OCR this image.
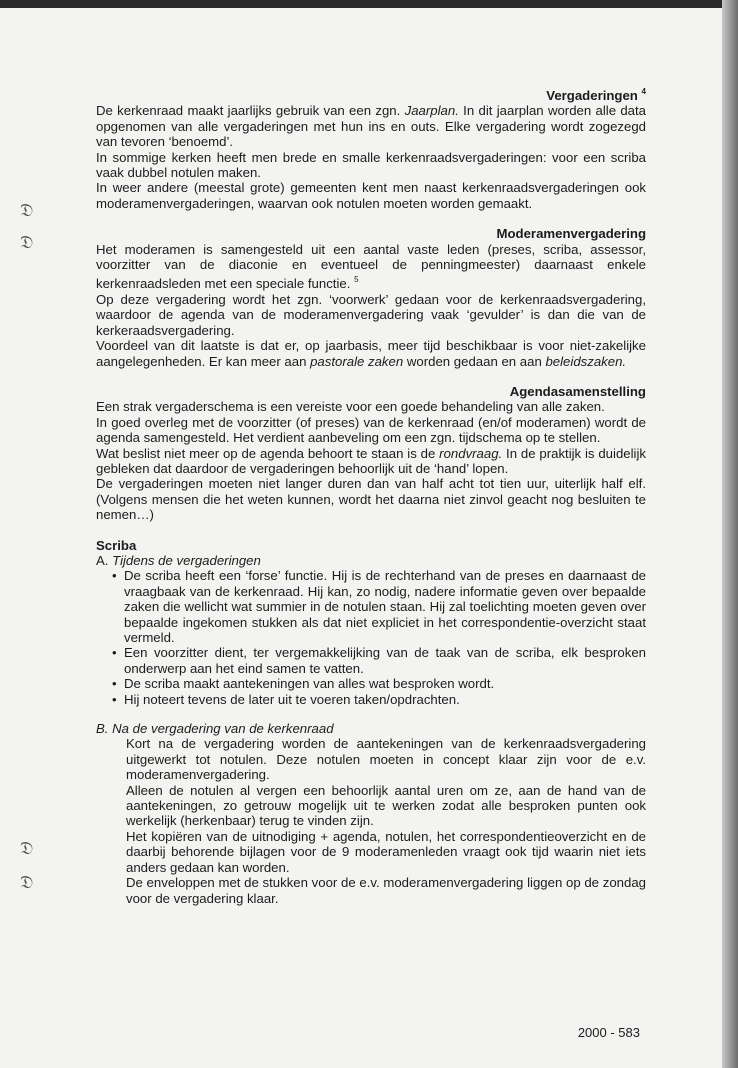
𝔇
𝔇
𝔇
𝔇

Vergaderingen $^4$

De kerkenraad maakt jaarlijks gebruik van een zgn. Jaarplan. In dit jaarplan worden alle data opgenomen van alle vergaderingen met hun ins en outs. Elke vergadering wordt zogezegd van tevoren ‘benoemd’.

In sommige kerken heeft men brede en smalle kerkenraadsvergaderingen: voor een scriba vaak dubbel notulen maken.

In weer andere (meestal grote) gemeenten kent men naast kerkenraadsvergaderingen ook moderamenvergaderingen, waarvan ook notulen moeten worden gemaakt.

Moderamenvergadering

Het moderamen is samengesteld uit een aantal vaste leden (preses, scriba, assessor, voorzitter van de diaconie en eventueel de penningmeester) daarnaast enkele kerkenraadsleden met een speciale functie. $^5$

Op deze vergadering wordt het zgn. ‘voorwerk’ gedaan voor de kerkenraadsvergadering, waardoor de agenda van de moderamenvergadering vaak ‘gevulder’ is dan die van de kerkeraadsvergadering.

Voordeel van dit laatste is dat er, op jaarbasis, meer tijd beschikbaar is voor niet-zakelijke aangelegenheden. Er kan meer aan pastorale zaken worden gedaan en aan beleidszaken.

Agendasamenstelling

Een strak vergaderschema is een vereiste voor een goede behandeling van alle zaken.

In goed overleg met de voorzitter (of preses) van de kerkenraad (en/of moderamen) wordt de agenda samengesteld. Het verdient aanbeveling om een zgn. tijdschema op te stellen.

Wat beslist niet meer op de agenda behoort te staan is de rondvraag. In de praktijk is duidelijk gebleken dat daardoor de vergaderingen behoorlijk uit de ‘hand’ lopen.

De vergaderingen moeten niet langer duren dan van half acht tot tien uur, uiterlijk half elf. (Volgens mensen die het weten kunnen, wordt het daarna niet zinvol geacht nog besluiten te nemen…)

Scriba

A. Tijdens de vergaderingen

• De scriba heeft een ‘forse’ functie. Hij is de rechterhand van de preses en daarnaast de vraagbaak van de kerkenraad. Hij kan, zo nodig, nadere informatie geven over bepaalde zaken die wellicht wat summier in de notulen staan. Hij zal toelichting moeten geven over bepaalde ingekomen stukken als dat niet expliciet in het correspondentie-overzicht staat vermeld.
• Een voorzitter dient, ter vergemakkelijking van de taak van de scriba, elk besproken onderwerp aan het eind samen te vatten.
• De scriba maakt aantekeningen van alles wat besproken wordt.
• Hij noteert tevens de later uit te voeren taken/opdrachten.

B. Na de vergadering van de kerkenraad

Kort na de vergadering worden de aantekeningen van de kerkenraadsvergadering uitgewerkt tot notulen. Deze notulen moeten in concept klaar zijn voor de e.v. moderamenvergadering.

Alleen de notulen al vergen een behoorlijk aantal uren om ze, aan de hand van de aantekeningen, zo getrouw mogelijk uit te werken zodat alle besproken punten ook werkelijk (herkenbaar) terug te vinden zijn.

Het kopiëren van de uitnodiging + agenda, notulen, het correspondentieoverzicht en de daarbij behorende bijlagen voor de 9 moderamenleden vraagt ook tijd waarin niet iets anders gedaan kan worden.

De enveloppen met de stukken voor de e.v. moderamenvergadering liggen op de zondag voor de vergadering klaar.

2000 - 583
